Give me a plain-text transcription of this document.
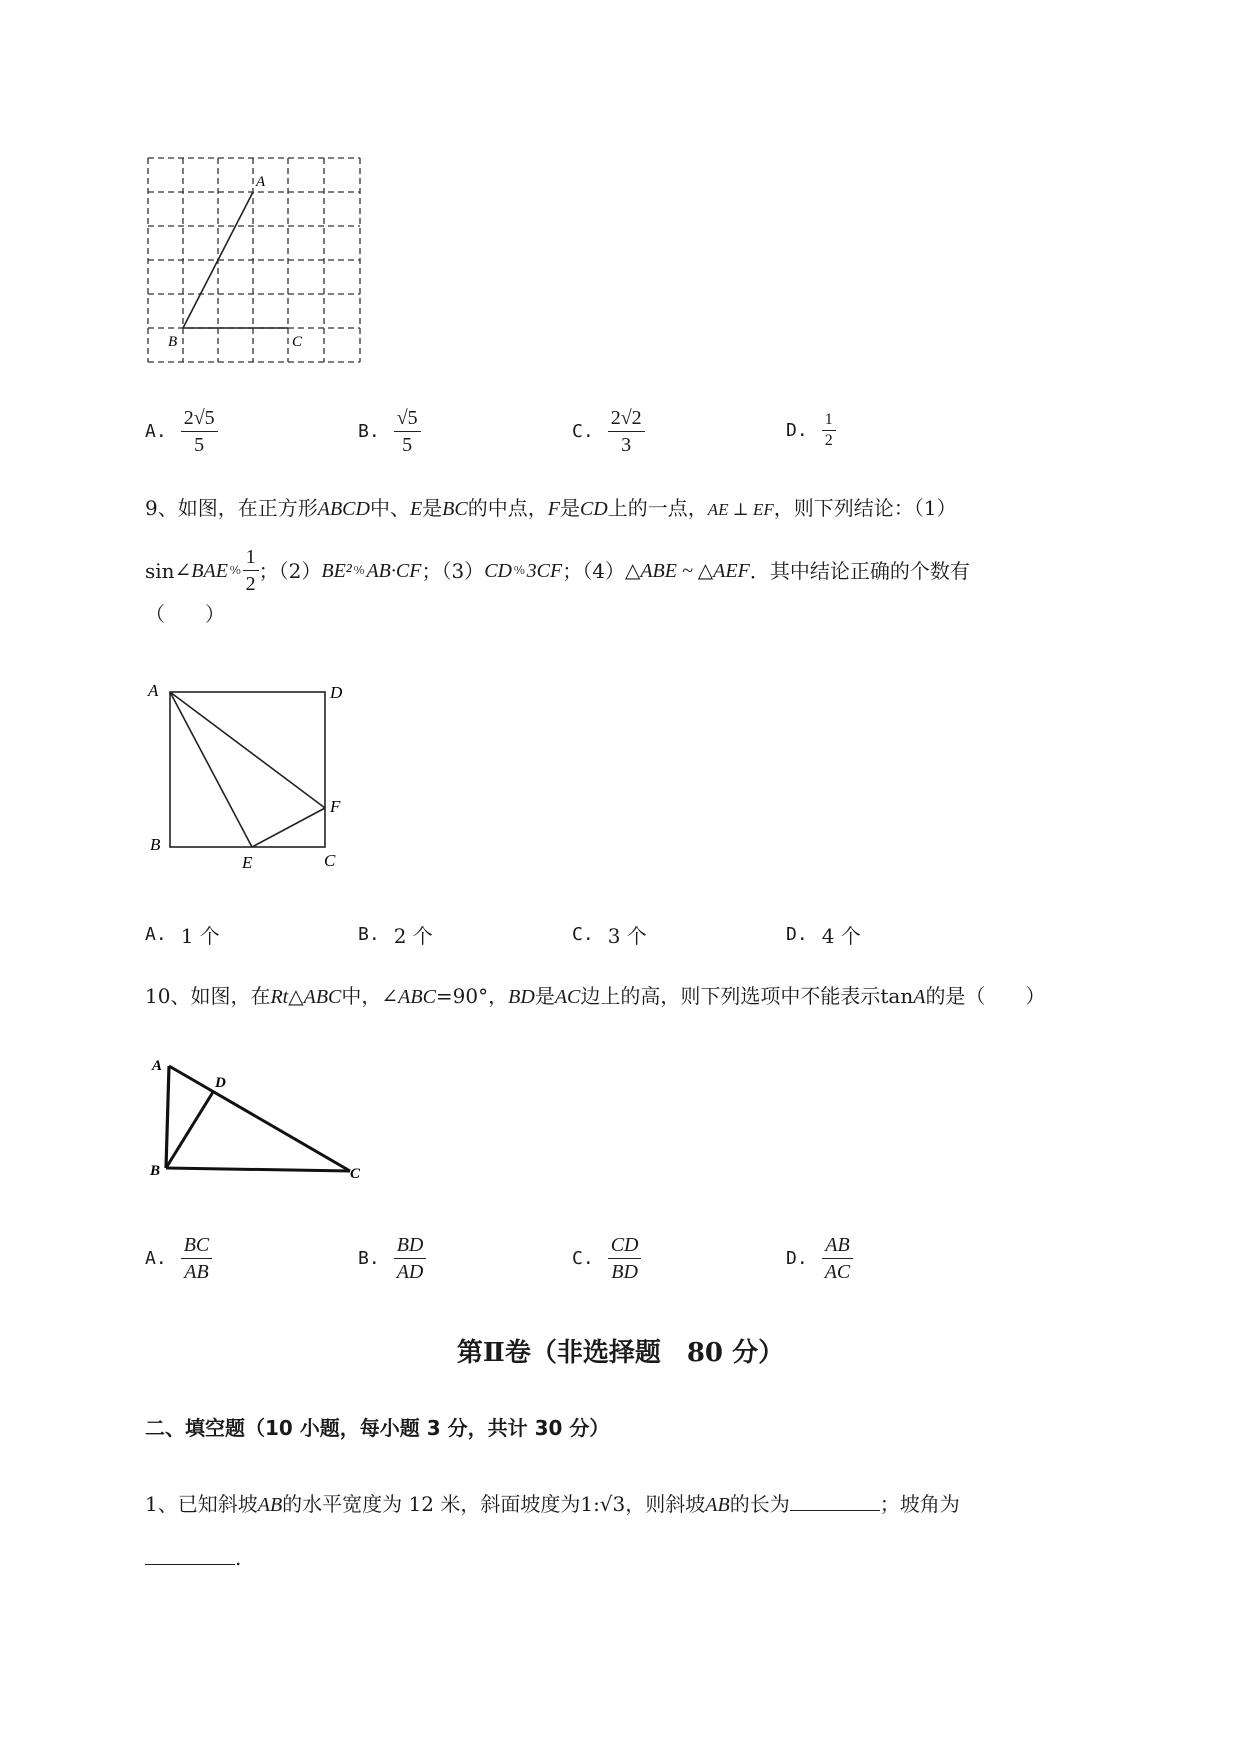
A
B	C
A. $\frac{2√5}{5}$	B. $\frac{√5}{5}$	C. $\frac{2√2}{3}$	D. $\frac{1}{2}$
9、如图，在正方形ABCD中、E是BC的中点，F是CD上的一点，AE ⊥ EF，则下列结论：（1）
sin ∠BAE ⁰⁄₀ $\frac{1}{2}$ ；（2） BE² ⁰⁄₀ AB·CF ；（3） CD ⁰⁄₀ 3CF ；（4） △ABE ~ △AEF ．其中结论正确的个数有
（　　）
A	D
B
C
E
F
A. 1 个	B. 2 个	C. 3 个	D. 4 个
10、如图，在Rt△ABC中，∠ABC=90°，BD是AC边上的高，则下列选项中不能表示tanA的是（　　）
A
D
B	C
A. $\frac{BC}{AB}$	B. $\frac{BD}{AD}$	C. $\frac{CD}{BD}$	D. $\frac{AB}{AC}$
第Ⅱ卷（非选择题　80 分）
二、填空题（10 小题，每小题 3 分，共计 30 分）
1、已知斜坡AB的水平宽度为 12 米，斜面坡度为1:√3，则斜坡AB的长为	；坡角为
.
